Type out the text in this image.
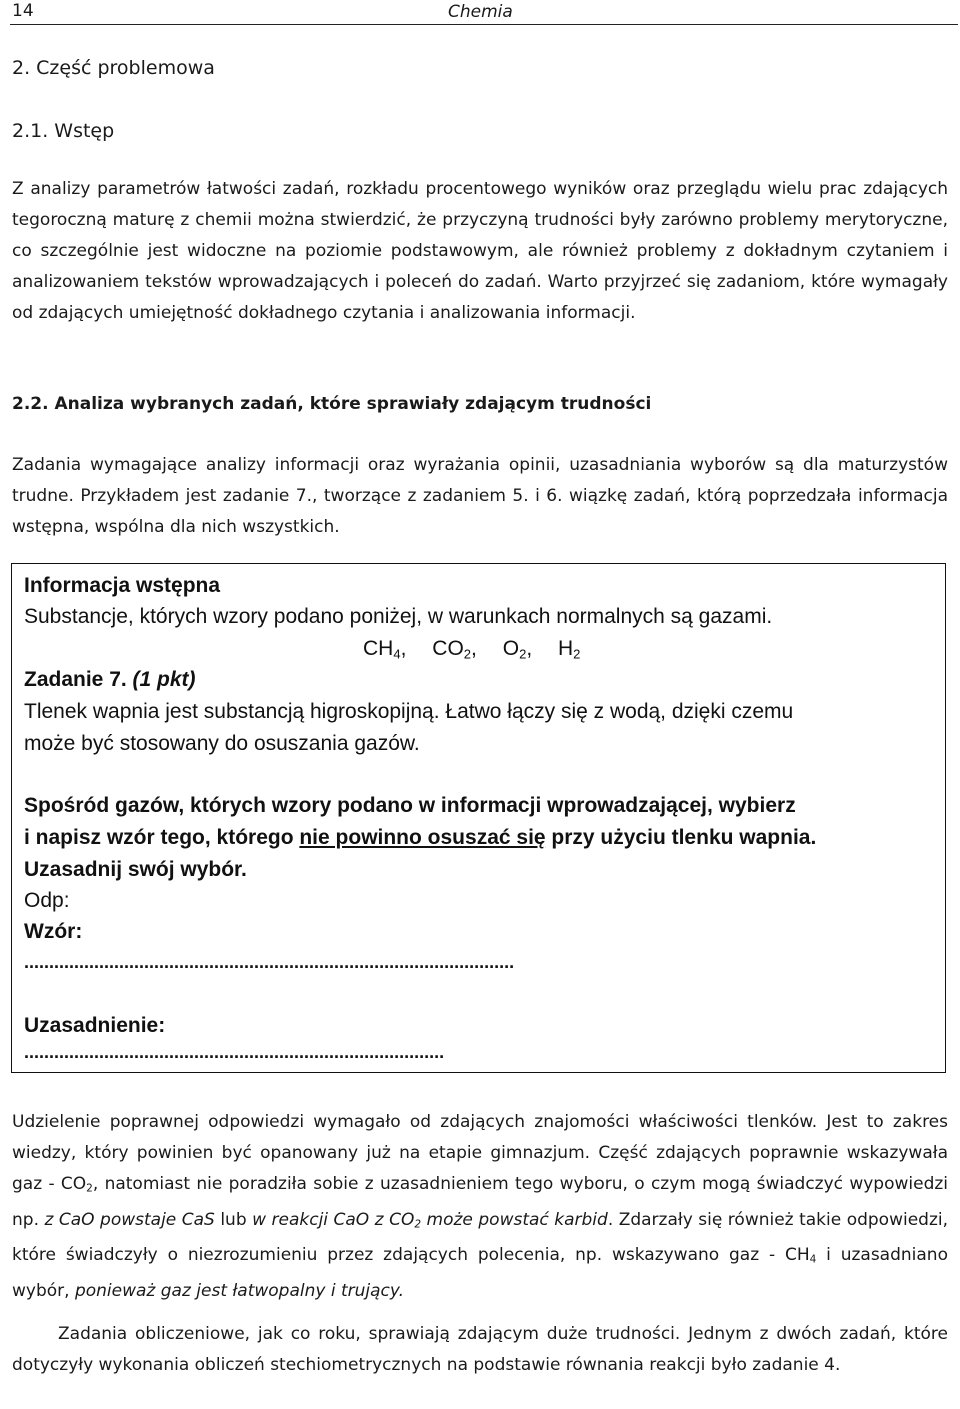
14	Chemia
2. Część problemowa
2.1. Wstęp

Z analizy parametrów łatwości zadań, rozkładu procentowego wyników oraz przeglądu wielu prac zdających tegoroczną maturę z chemii można stwierdzić, że przyczyną trudności były zarówno problemy merytoryczne, co szczególnie jest widoczne na poziomie podstawowym, ale również problemy z dokładnym czytaniem i analizowaniem tekstów wprowadzających i poleceń do zadań. Warto przyjrzeć się zadaniom, które wymagały od zdających umiejętność dokładnego czytania i analizowania informacji.

2.2. Analiza wybranych zadań, które sprawiały zdającym trudności

Zadania wymagające analizy informacji oraz wyrażania opinii, uzasadniania wyborów są dla maturzystów trudne. Przykładem jest zadanie 7., tworzące z zadaniem 5. i 6. wiązkę zadań, którą poprzedzała informacja wstępna, wspólna dla nich wszystkich.

Informacja wstępna
Substancje, których wzory podano poniżej, w warunkach normalnych są gazami.
$CH_4$, $CO_2$, $O_2$, $H_2$
Zadanie 7. (1 pkt)
Tlenek wapnia jest substancją higroskopijną. Łatwo łączy się z wodą, dzięki czemu
może być stosowany do osuszania gazów.
Spośród gazów, których wzory podano w informacji wprowadzającej, wybierz
i napisz wzór tego, którego nie powinno osuszać się przy użyciu tlenku wapnia.
Uzasadnij swój wybór.
Odp:
Wzór:
..................................................................................................
Uzasadnienie:
....................................................................................

Udzielenie poprawnej odpowiedzi wymagało od zdających znajomości właściwości tlenków. Jest to zakres wiedzy, który powinien być opanowany już na etapie gimnazjum. Część zdających poprawnie wskazywała gaz - $CO_2$, natomiast nie poradziła sobie z uzasadnieniem tego wyboru, o czym mogą świadczyć wypowiedzi np. z CaO powstaje CaS lub w reakcji CaO z $CO_2$ może powstać karbid. Zdarzały się również takie odpowiedzi, które świadczyły o niezrozumieniu przez zdających polecenia, np. wskazywano gaz - $CH_4$ i uzasadniano wybór, ponieważ gaz jest łatwopalny i trujący.

Zadania obliczeniowe, jak co roku, sprawiają zdającym duże trudności. Jednym z dwóch zadań, które dotyczyły wykonania obliczeń stechiometrycznych na podstawie równania reakcji było zadanie 4.
